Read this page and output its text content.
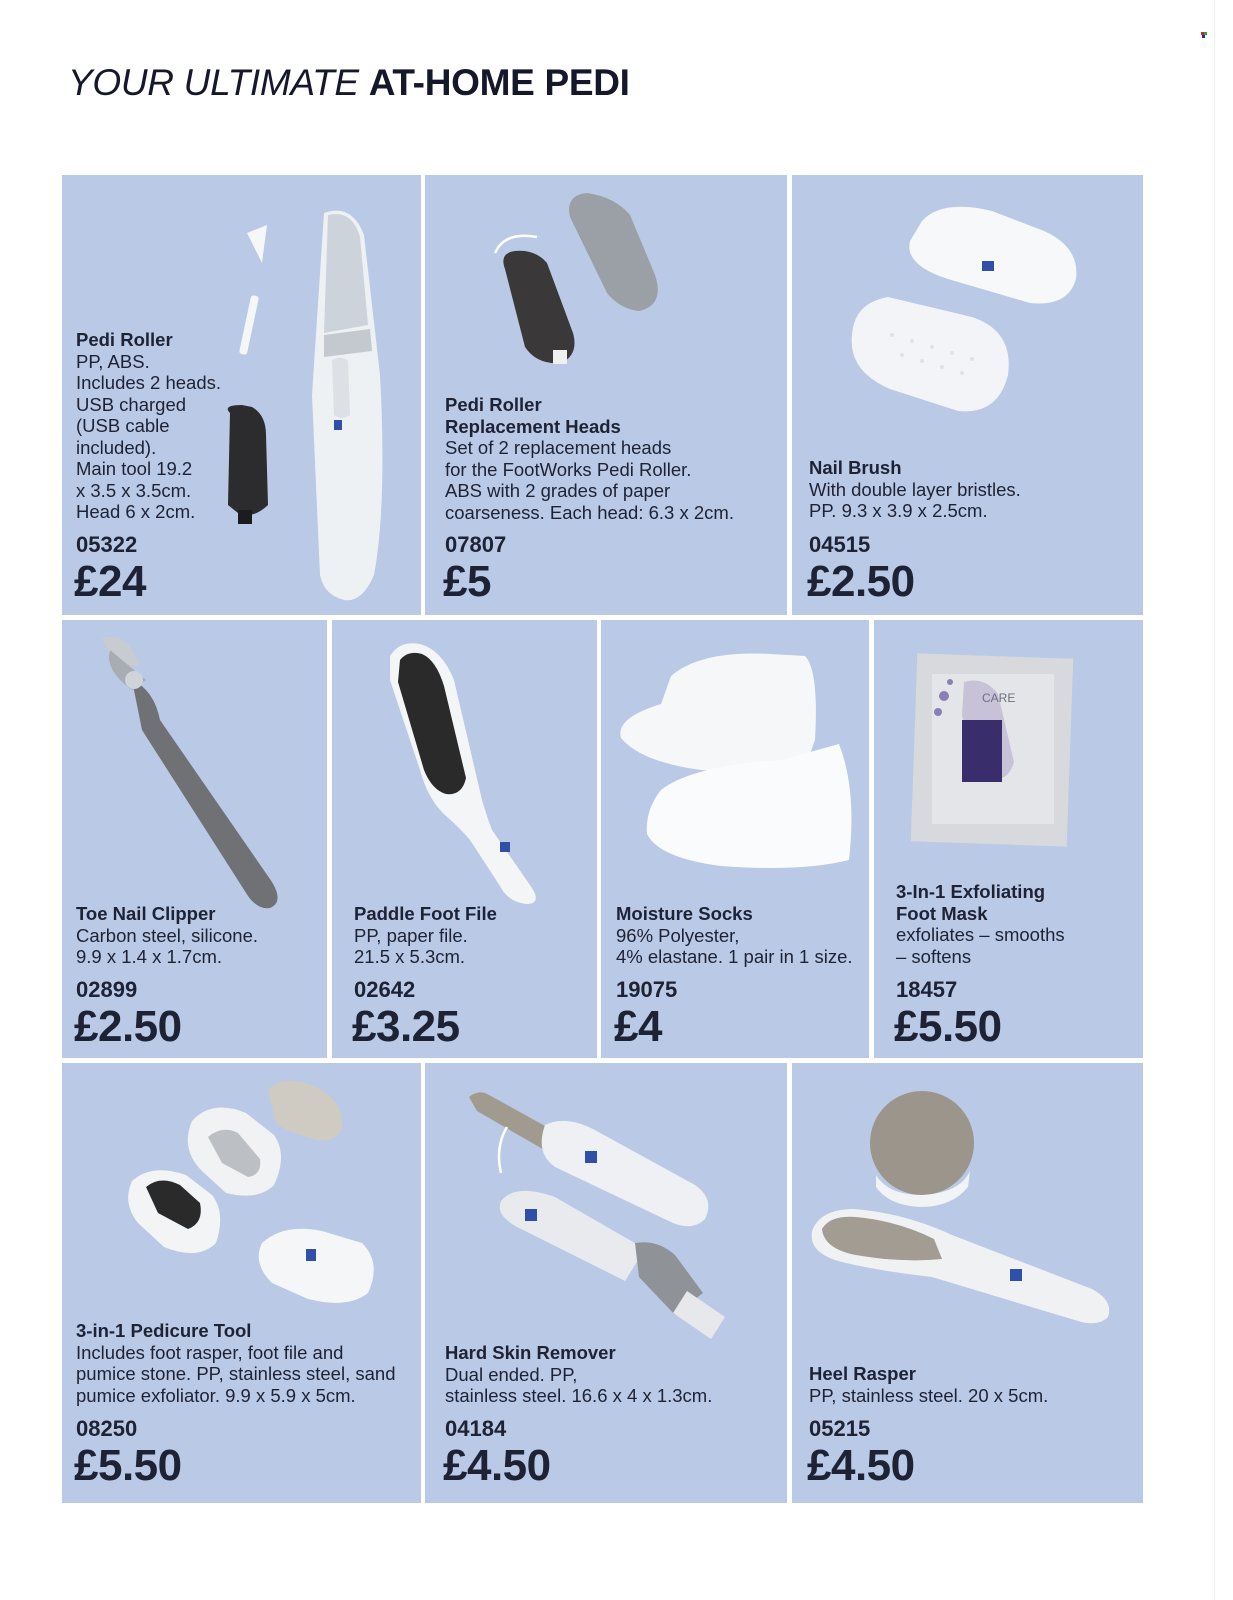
YOUR ULTIMATE AT-HOME PEDI
Pedi Roller
PP, ABS.
Includes 2 heads.
USB charged
(USB cable
included).
Main tool 19.2
x 3.5 x 3.5cm.
Head 6 x 2cm.
05322
£24
Pedi Roller
Replacement Heads
Set of 2 replacement heads
for the FootWorks Pedi Roller.
ABS with 2 grades of paper
coarseness. Each head: 6.3 x 2cm.
07807
£5
Nail Brush
With double layer bristles.
PP. 9.3 x 3.9 x 2.5cm.
04515
£2.50
Toe Nail Clipper
Carbon steel, silicone.
9.9 x 1.4 x 1.7cm.
02899
£2.50
Paddle Foot File
PP, paper file.
21.5 x 5.3cm.
02642
£3.25
Moisture Socks
96% Polyester,
4% elastane. 1 pair in 1 size.
19075
£4
CARE
3-In-1 Exfoliating
Foot Mask
exfoliates – smooths
– softens
18457
£5.50
3-in-1 Pedicure Tool
Includes foot rasper, foot file and
pumice stone. PP, stainless steel, sand
pumice exfoliator. 9.9 x 5.9 x 5cm.
08250
£5.50
Hard Skin Remover
Dual ended. PP,
stainless steel. 16.6 x 4 x 1.3cm.
04184
£4.50
Heel Rasper
PP, stainless steel. 20 x 5cm.
05215
£4.50
